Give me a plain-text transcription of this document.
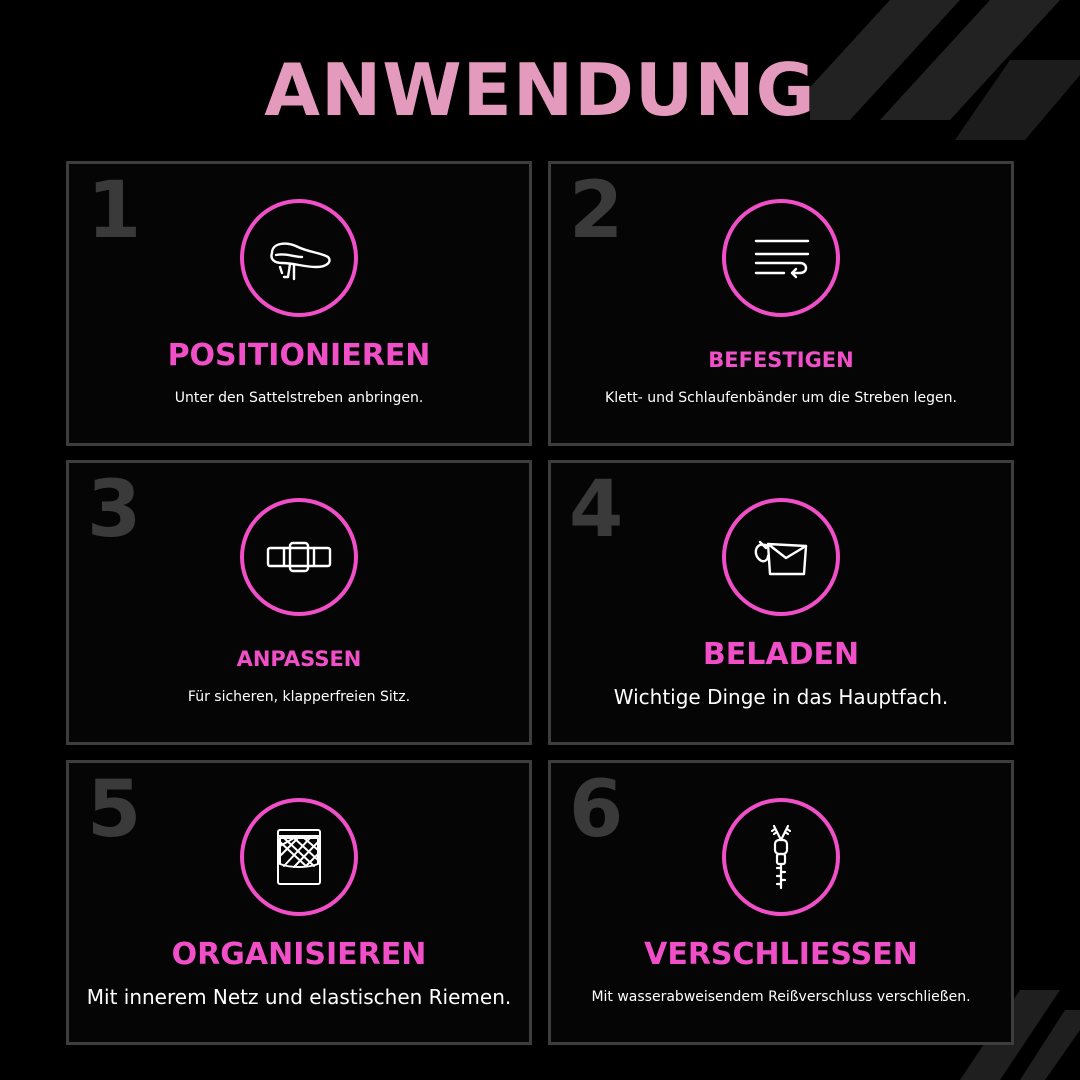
ANWENDUNG
1
POSITIONIEREN
Unter den Sattelstreben anbringen.
2
BEFESTIGEN
Klett- und Schlaufenbänder um die Streben legen.
3
ANPASSEN
Für sicheren, klapperfreien Sitz.
4
BELADEN
Wichtige Dinge in das Hauptfach.
5
ORGANISIEREN
Mit innerem Netz und elastischen Riemen.
6
VERSCHLIESSEN
Mit wasserabweisendem Reißverschluss verschließen.
